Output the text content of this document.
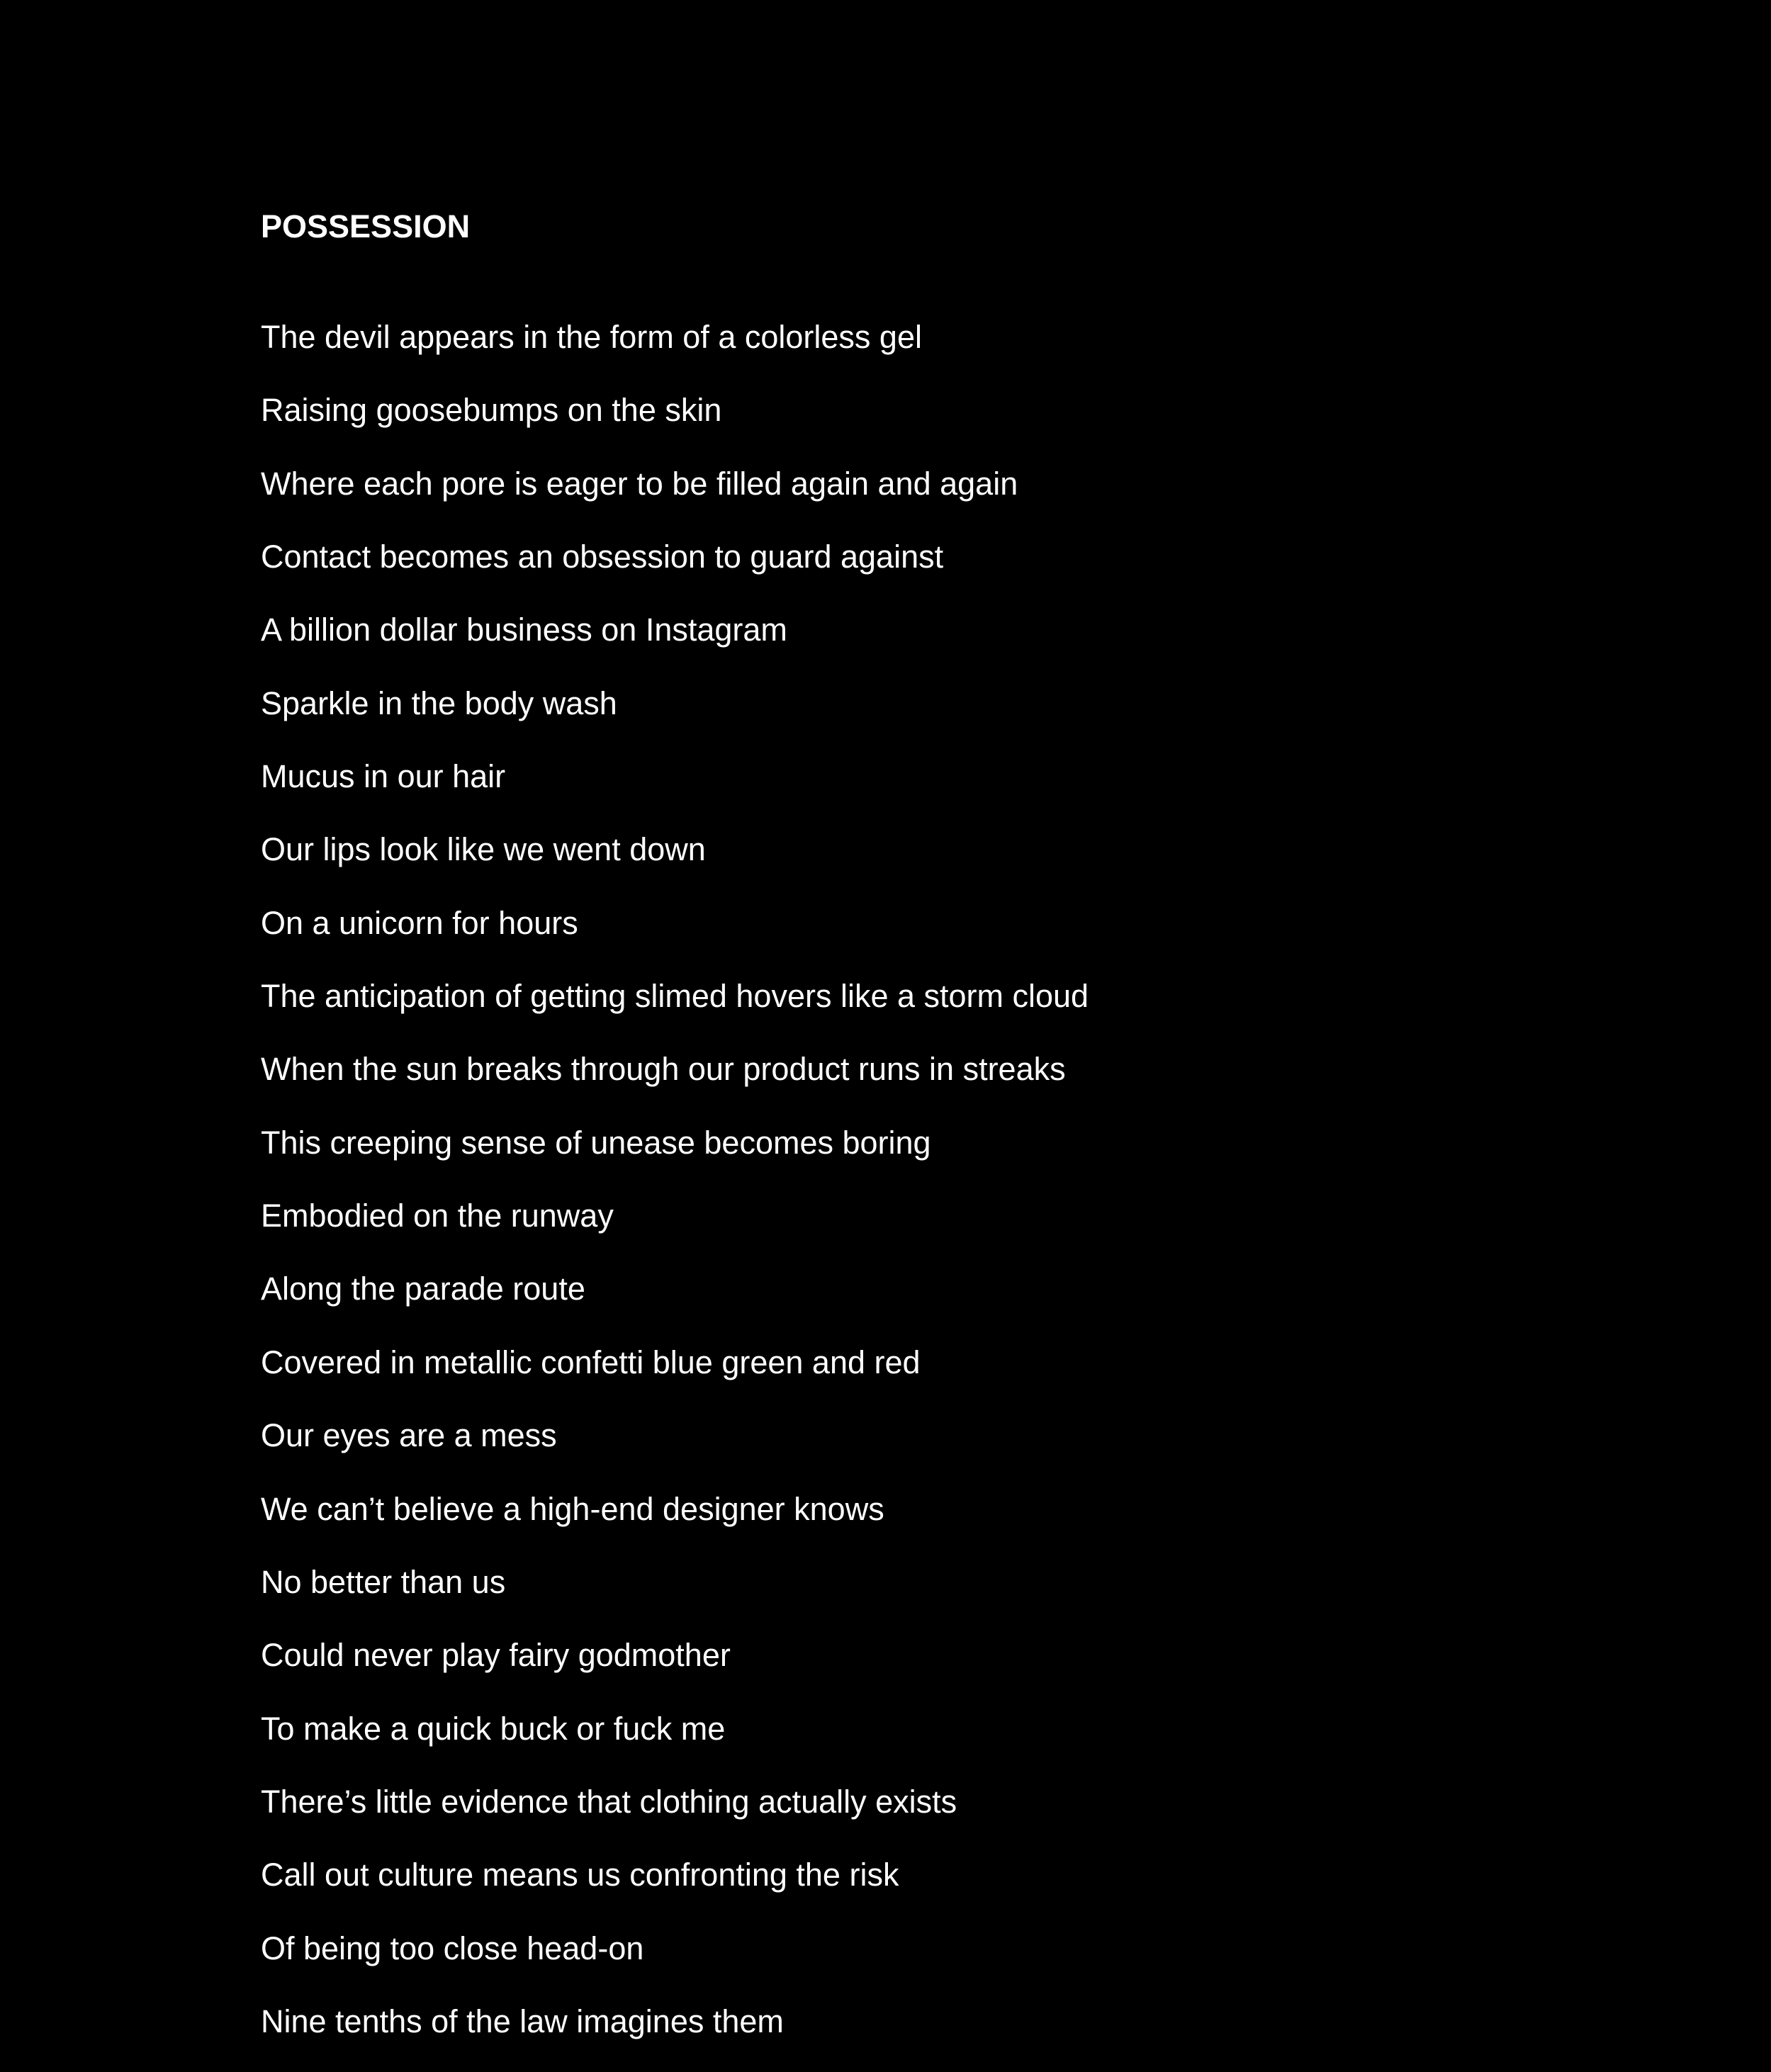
POSSESSION
The devil appears in the form of a colorless gel
Raising goosebumps on the skin
Where each pore is eager to be filled again and again
Contact becomes an obsession to guard against
A billion dollar business on Instagram
Sparkle in the body wash
Mucus in our hair
Our lips look like we went down
On a unicorn for hours
The anticipation of getting slimed hovers like a storm cloud
When the sun breaks through our product runs in streaks
This creeping sense of unease becomes boring
Embodied on the runway
Along the parade route
Covered in metallic confetti blue green and red
Our eyes are a mess
We can’t believe a high-end designer knows
No better than us
Could never play fairy godmother
To make a quick buck or fuck me
There’s little evidence that clothing actually exists
Call out culture means us confronting the risk
Of being too close head-on
Nine tenths of the law imagines them
